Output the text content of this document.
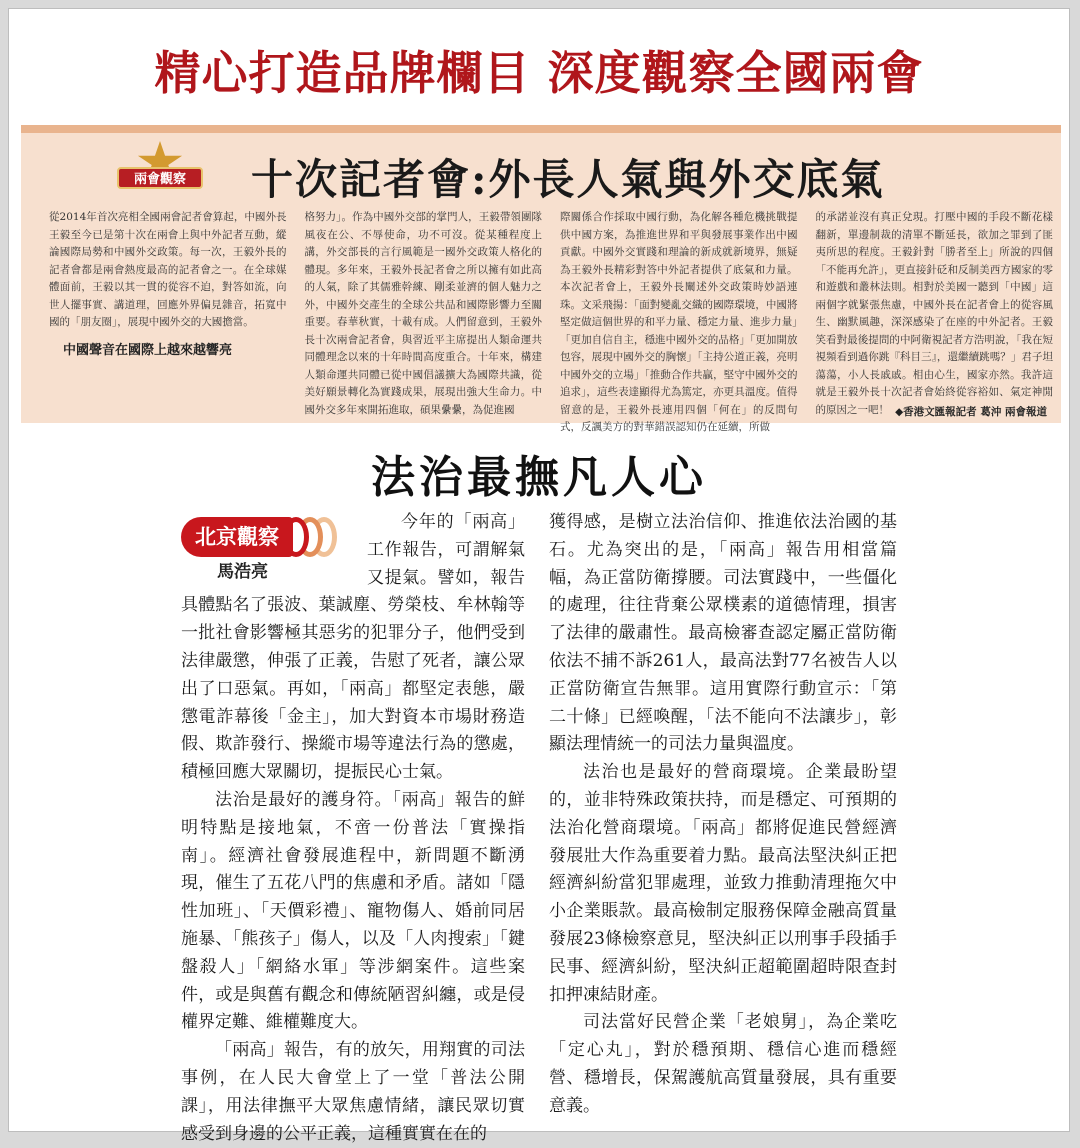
精心打造品牌欄目 深度觀察全國兩會
兩會觀察	十次記者會:外長人氣與外交底氣
從2014年首次亮相全國兩會記者會算起，中國外長王毅至今已是第十次在兩會上與中外記者互動，縱論國際局勢和中國外交政策。每一次，王毅外長的記者會都是兩會熱度最高的記者會之一。在全球媒體面前，王毅以其一貫的從容不迫，對答如流，向世人擺事實、講道理，回應外界偏見雜音，拓寬中國的「朋友圈」，展現中國外交的大國擔當。
中國聲音在國際上越來越響亮
格努力」。作為中國外交部的掌門人，王毅帶領團隊風夜在公、不辱使命，功不可沒。從某種程度上講，外交部長的言行風範是一國外交政策人格化的體現。多年來，王毅外長記者會之所以擁有如此高的人氣，除了其儒雅幹練、剛柔並濟的個人魅力之外，中國外交產生的全球公共品和國際影響力至關重要。春華秋實，十載有成。人們留意到，王毅外長十次兩會記者會，與習近平主席提出人類命運共同體理念以來的十年時間高度重合。十年來，構建人類命運共同體已從中國倡議擴大為國際共識，從美好願景轉化為實踐成果，展現出強大生命力。中國外交多年來開拓進取，碩果纍纍，為促進國
際關係合作採取中國行動，為化解各種危機挑戰提供中國方案，為推進世界和平與發展事業作出中國貢獻。中國外交實踐和理論的新成就新境界，無疑為王毅外長精彩對答中外記者提供了底氣和力量。本次記者會上，王毅外長闡述外交政策時妙語連珠。文采飛揚：「面對變亂交織的國際環境，中國將堅定做這個世界的和平力量、穩定力量、進步力量」「更加自信自主，穩進中國外交的品格」「更加開放包容，展現中國外交的胸懷」「主持公道正義，亮明中國外交的立場」「推動合作共贏，堅守中國外交的追求」，這些表達顯得尤為篤定，亦更具溫度。值得留意的是，王毅外長連用四個「何在」的反問句式，反諷美方的對華錯誤認知仍在延續，所做
的承諾並沒有真正兌現。打壓中國的手段不斷花樣翻新，單邊制裁的清單不斷延長，欲加之罪到了匪夷所思的程度。王毅針對「勝者至上」所說的四個「不能再允許」，更直接針砭和反制美西方國家的零和遊戲和叢林法則。相對於美國一聽到「中國」這兩個字就緊張焦慮，中國外長在記者會上的從容風生、幽默風趣，深深感染了在座的中外記者。王毅笑看對最後提問的中阿衛視記者方浩明說，「我在短視頻看到過你跳『科目三』，還繼續跳嗎？」君子坦蕩蕩，小人長戚戚。相由心生，國家亦然。我許這就是王毅外長十次記者會始終從容裕如、氣定神閒的原因之一吧！ ◆香港文匯報記者 葛沖 兩會報道
法治最撫凡人心
北京觀察
馬浩亮

今年的「兩高」工作報告，可謂解氣又提氣。譬如，報告具體點名了張波、葉誠塵、勞榮枝、牟林翰等一批社會影響極其惡劣的犯罪分子，他們受到法律嚴懲，伸張了正義，告慰了死者，讓公眾出了口惡氣。再如，「兩高」都堅定表態，嚴懲電詐幕後「金主」，加大對資本市場財務造假、欺詐發行、操縱市場等違法行為的懲處，積極回應大眾關切，提振民心士氣。

法治是最好的護身符。「兩高」報告的鮮明特點是接地氣，不啻一份普法「實操指南」。經濟社會發展進程中，新問題不斷湧現，催生了五花八門的焦慮和矛盾。諸如「隱性加班」、「天價彩禮」、寵物傷人、婚前同居施暴、「熊孩子」傷人，以及「人肉搜索」「鍵盤殺人」「網絡水軍」等涉網案件。這些案件，或是與舊有觀念和傳統陋習糾纏，或是侵權界定難、維權難度大。

「兩高」報告，有的放矢，用翔實的司法事例，在人民大會堂上了一堂「普法公開課」，用法律撫平大眾焦慮情緒，讓民眾切實感受到身邊的公平正義，這種實實在在的

獲得感，是樹立法治信仰、推進依法治國的基石。尤為突出的是，「兩高」報告用相當篇幅，為正當防衛撐腰。司法實踐中，一些僵化的處理，往往背棄公眾樸素的道德情理，損害了法律的嚴肅性。最高檢審查認定屬正當防衛依法不捕不訴261人，最高法對77名被告人以正當防衛宣告無罪。這用實際行動宣示：「第二十條」已經喚醒，「法不能向不法讓步」，彰顯法理情統一的司法力量與溫度。

法治也是最好的營商環境。企業最盼望的，並非特殊政策扶持，而是穩定、可預期的法治化營商環境。「兩高」都將促進民營經濟發展壯大作為重要着力點。最高法堅決糾正把經濟糾紛當犯罪處理，並致力推動清理拖欠中小企業賬款。最高檢制定服務保障金融高質量發展23條檢察意見，堅決糾正以刑事手段插手民事、經濟糾紛，堅決糾正超範圍超時限查封扣押凍結財產。

司法當好民營企業「老娘舅」，為企業吃「定心丸」，對於穩預期、穩信心進而穩經營、穩增長，保駕護航高質量發展，具有重要意義。
